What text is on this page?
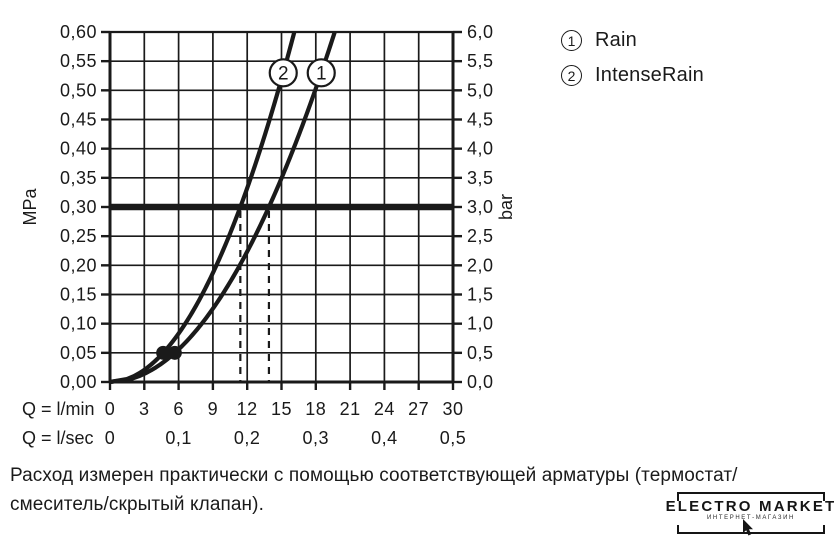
0,60
0,55
0,50
0,45
0,40
0,35
0,30
0,25
0,20
0,15
0,10
0,05
0,00
MPa
6,0
5,5
5,0
4,5
4,0
3,5
3,0
2,5
2,0
1,5
1,0
0,5
0,0
bar
Q = l/min 0 3 6 9 12 15 18 21 24 27 30
Q = l/sec 0	0,1 0,2 0,3 0,4 0,5
1
2
1 Rain
2 IntenseRain
Расход измерен практически с помощью соответствующей арматуры (термостат/
смеситель/скрытый клапан).	ELECTRO MARKET
ИНТЕРНЕТ-МАГАЗИН
